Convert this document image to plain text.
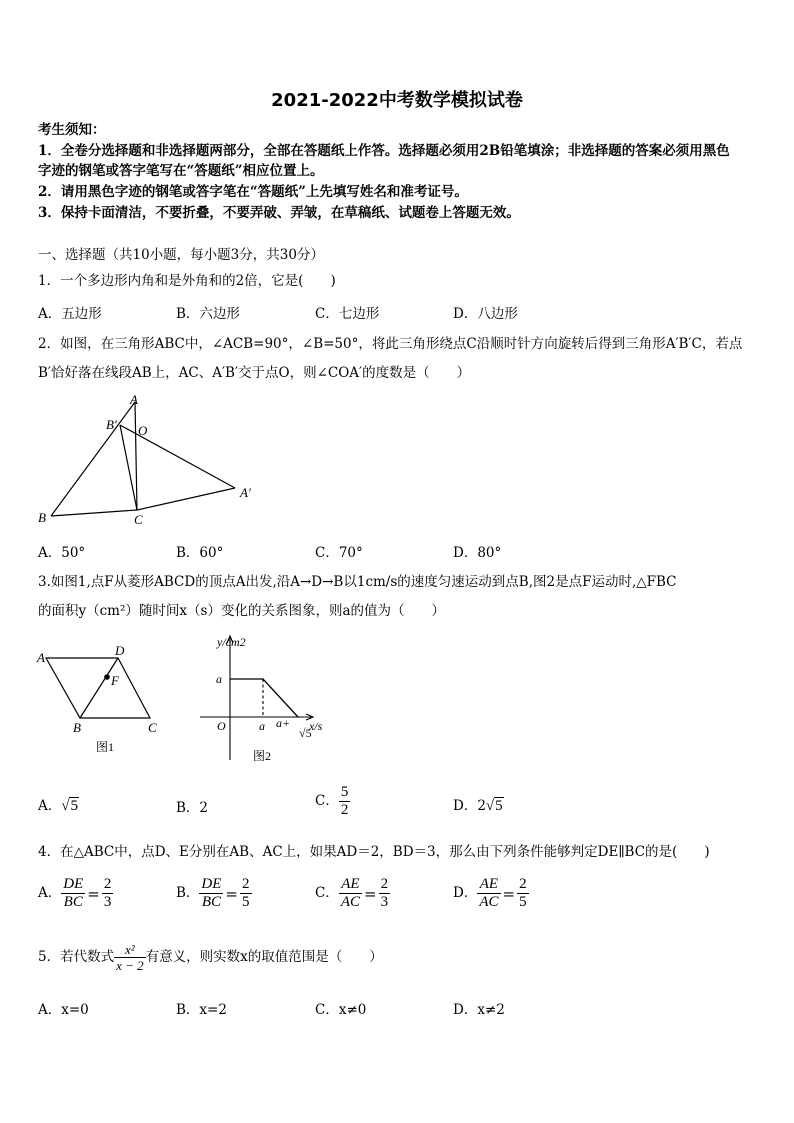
2021-2022中考数学模拟试卷
考生须知：
1．全卷分选择题和非选择题两部分，全部在答题纸上作答。选择题必须用2B铅笔填涂；非选择题的答案必须用黑色
字迹的钢笔或答字笔写在“答题纸”相应位置上。
2．请用黑色字迹的钢笔或答字笔在“答题纸”上先填写姓名和准考证号。
3．保持卡面清洁，不要折叠，不要弄破、弄皱，在草稿纸、试题卷上答题无效。
一、选择题（共10小题，每小题3分，共30分）
1．一个多边形内角和是外角和的2倍，它是(　　)
A．五边形	B．六边形	C．七边形	D．八边形
2．如图，在三角形ABC中，∠ACB=90°，∠B=50°，将此三角形绕点C沿顺时针方向旋转后得到三角形A′B′C，若点
B′恰好落在线段AB上，AC、A′B′交于点O，则∠COA′的度数是（　　）
A
B′ O
A′
B	C
A．50°	B．60°	C．70°	D．80°
3.如图1,点F从菱形ABCD的顶点A出发,沿A→D→B以1cm/s的速度匀速运动到点B,图2是点F运动时,△FBC
的面积y（cm²）随时间x（s）变化的关系图象，则a的值为（　　）
A	D
F
B	C
图1
y/cm2
a
O	a a+
√5
x/s
图2
A．√5	B．2	C． $\frac{5}{2}$	D．2√5
4．在△ABC中，点D、E分别在AB、AC上，如果AD＝2，BD＝3，那么由下列条件能够判定DE∥BC的是(　　)
A． $\frac{DE}{BC} = \frac{2}{3}$	B． $\frac{DE}{BC} = \frac{2}{5}$	C． $\frac{AE}{AC} = \frac{2}{3}$	D． $\frac{AE}{AC} = \frac{2}{5}$
5．若代数式 $\frac{\text{x²}}{x - 2}$ 有意义，则实数x的取值范围是（　　）
A．x=0	B．x=2	C．x≠0	D．x≠2
